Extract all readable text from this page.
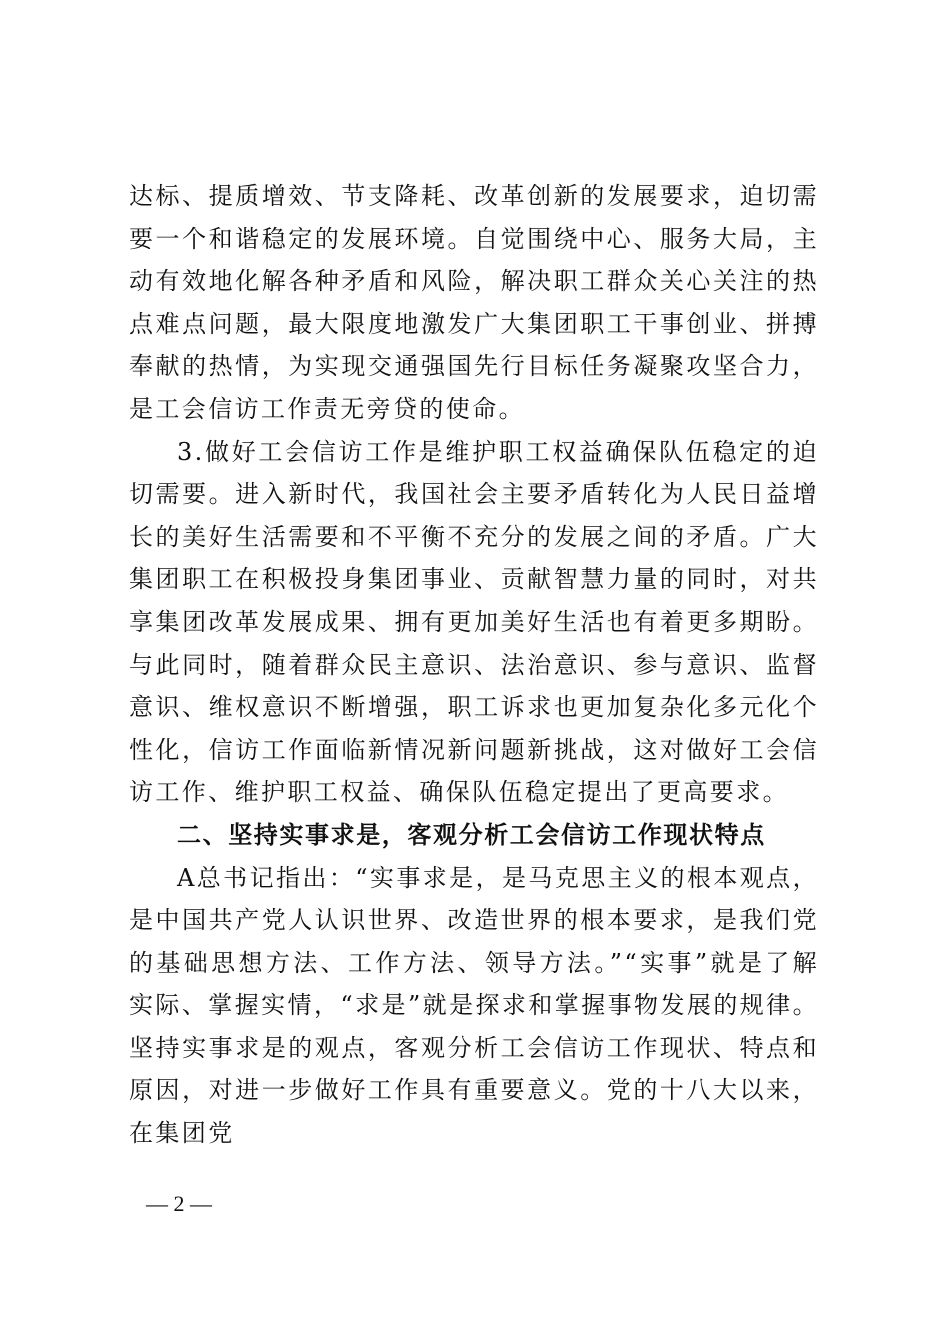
达标、提质增效、节支降耗、改革创新的发展要求，迫切需要一个和谐稳定的发展环境。自觉围绕中心、服务大局，主动有效地化解各种矛盾和风险，解决职工群众关心关注的热点难点问题，最大限度地激发广大集团职工干事创业、拼搏奉献的热情，为实现交通强国先行目标任务凝聚攻坚合力，是工会信访工作责无旁贷的使命。

3.做好工会信访工作是维护职工权益确保队伍稳定的迫切需要。进入新时代，我国社会主要矛盾转化为人民日益增长的美好生活需要和不平衡不充分的发展之间的矛盾。广大集团职工在积极投身集团事业、贡献智慧力量的同时，对共享集团改革发展成果、拥有更加美好生活也有着更多期盼。与此同时，随着群众民主意识、法治意识、参与意识、监督意识、维权意识不断增强，职工诉求也更加复杂化多元化个性化，信访工作面临新情况新问题新挑战，这对做好工会信访工作、维护职工权益、确保队伍稳定提出了更高要求。

二、坚持实事求是，客观分析工会信访工作现状特点

A总书记指出：“实事求是，是马克思主义的根本观点，是中国共产党人认识世界、改造世界的根本要求，是我们党的基础思想方法、工作方法、领导方法。”“实事”就是了解实际、掌握实情，“求是”就是探求和掌握事物发展的规律。坚持实事求是的观点，客观分析工会信访工作现状、特点和原因，对进一步做好工作具有重要意义。党的十八大以来，在集团党

— 2 —
